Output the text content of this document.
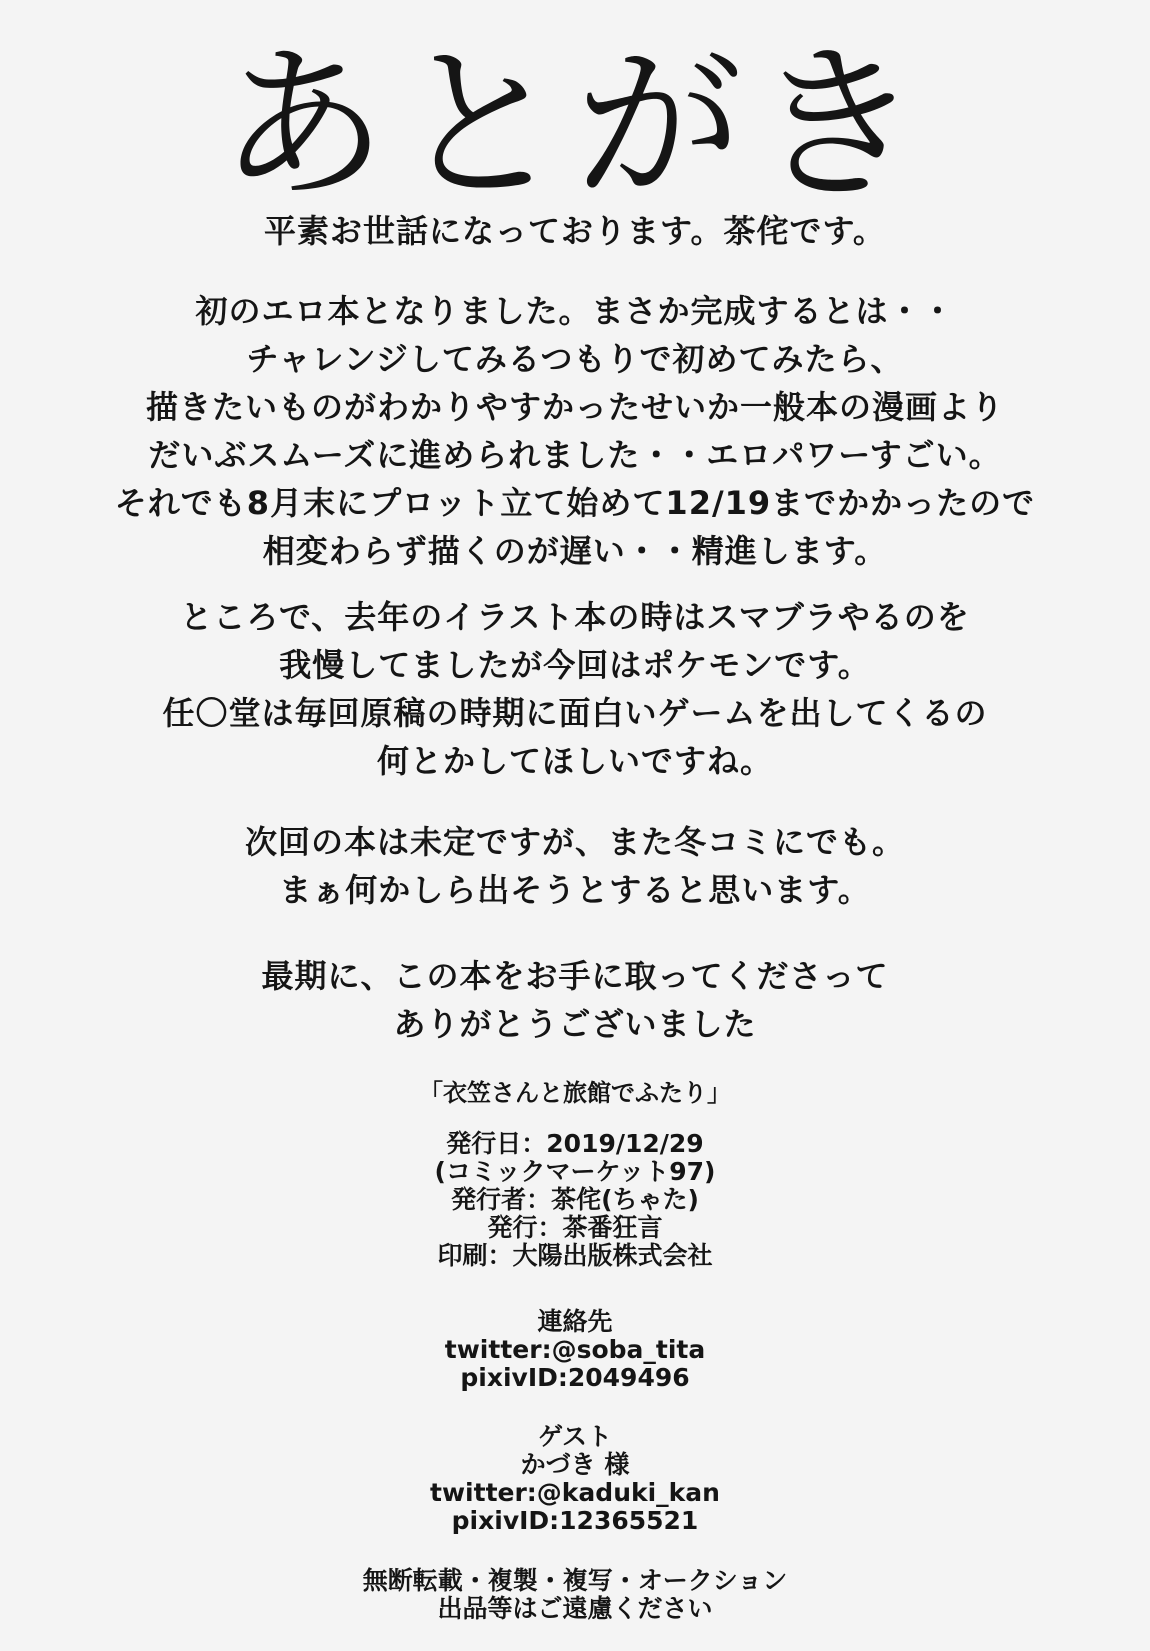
あとがき
平素お世話になっております。茶侘です。
初のエロ本となりました。まさか完成するとは・・
チャレンジしてみるつもりで初めてみたら、
描きたいものがわかりやすかったせいか一般本の漫画より
だいぶスムーズに進められました・・エロパワーすごい。
それでも8月末にプロット立て始めて12/19までかかったので
相変わらず描くのが遅い・・精進します。
ところで、去年のイラスト本の時はスマブラやるのを
我慢してましたが今回はポケモンです。
任〇堂は毎回原稿の時期に面白いゲームを出してくるの
何とかしてほしいですね。
次回の本は未定ですが、また冬コミにでも。
まぁ何かしら出そうとすると思います。
最期に、この本をお手に取ってくださって
ありがとうございました
「衣笠さんと旅館でふたり」
発行日：2019/12/29
(コミックマーケット97)
発行者：茶侘(ちゃた)
発行：茶番狂言
印刷：大陽出版株式会社
連絡先
twitter:@soba_tita
pixivID:2049496
ゲスト
かづき 様
twitter:@kaduki_kan
pixivID:12365521
無断転載・複製・複写・オークション
出品等はご遠慮ください
